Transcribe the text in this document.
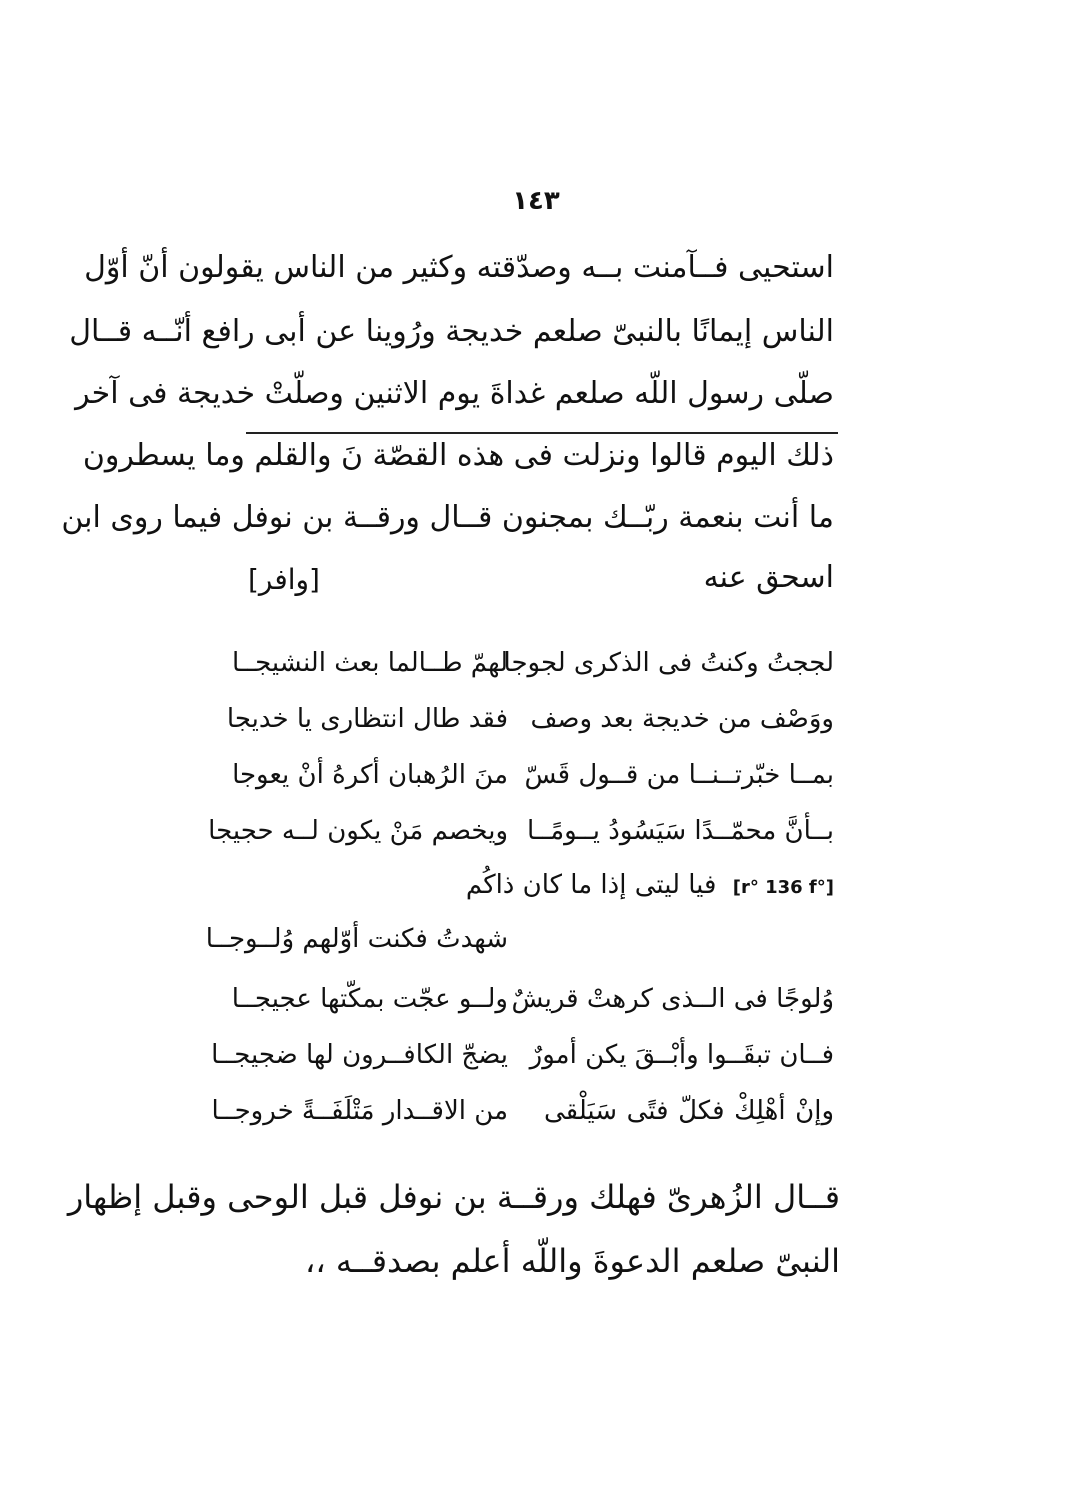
١٤٣
استحيى فــآمنت بــه وصدّقته وكثير من الناس يقولون أنّ أوّل
الناس إيمانًا بالنبىّ صلعم خديجة ورُوينا عن أبى رافع أنّــه قــال
صلّى رسول اللّه صلعم غداةَ يوم الاثنين وصلّتْ خديجة فى آخر
ذلك اليوم قالوا ونزلت فى هذه القصّة نَ والقلم وما يسطرون
ما أنت بنعمة ربّــك بمجنون قــال ورقــة بن نوفل فيما روى ابن
اسحق عنه
[وافر]
لججتُ وكنتُ فى الذكرى لجوجا
لهمّ طــالما بعث النشيجــا
ووَصْف من خديجة بعد وصف
فقد طال انتظارى يا خديجا
بمــا خبّرتــنــا من قــول قَسّ
منَ الرُهبان أكرهُ أنْ يعوجا
بــأنَّ محمّــدًا سَيَسُودُ يــومًــا
ويخصم مَنْ يكون لــه حجيجا
[r° 136 f°] فيا ليتى إذا ما كان ذاكُم
شهدتُ فكنت أوّلهم وُلــوجــا
وُلوجًا فى الــذى كرهتْ قريشٌ
ولــو عجّت بمكّتها عجيجــا
فــان تبقَــوا وأبْــقَ يكن أمورٌ
يضجّ الكافــرون لها ضجيجــا
وإنْ أهْلِكْ فكلّ فتًى سَيَلْقى
من الاقــدار مَتْلَفَــةً خروجــا
قــال الزُهرىّ فهلك ورقــة بن نوفل قبل الوحى وقبل إظهار
النبىّ صلعم الدعوةَ واللّه أعلم بصدقــه ،،
